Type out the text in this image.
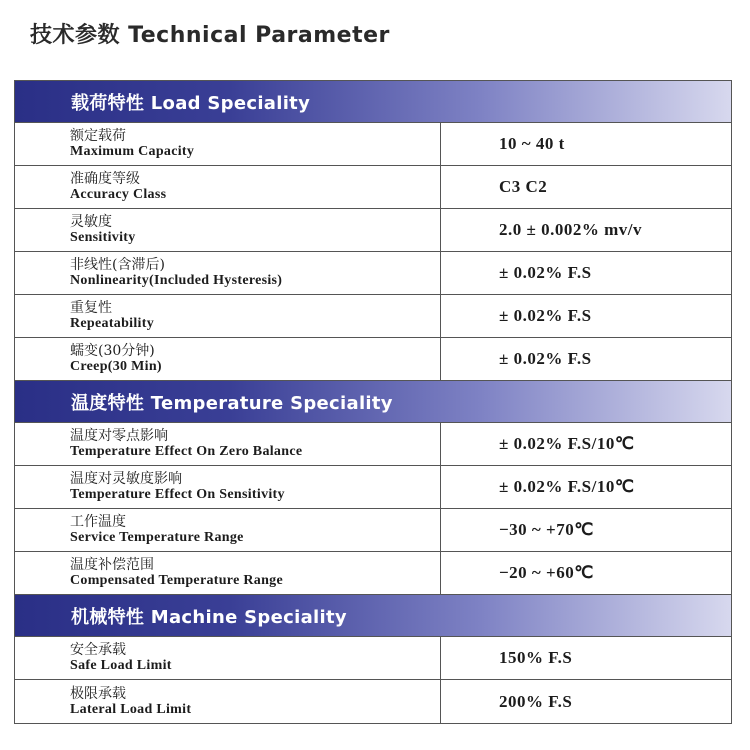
技术参数 Technical Parameter
载荷特性 Load Speciality
额定载荷
Maximum Capacity	10 ~ 40 t
准确度等级
Accuracy Class	C3 C2
灵敏度
Sensitivity	2.0 ± 0.002% mv/v
非线性(含滞后)
Nonlinearity(Included Hysteresis)	± 0.02% F.S
重复性
Repeatability	± 0.02% F.S
蠕变(30分钟)
Creep(30 Min)	± 0.02% F.S
温度特性 Temperature Speciality
温度对零点影响
Temperature Effect On Zero Balance	± 0.02% F.S/10℃
温度对灵敏度影响
Temperature Effect On Sensitivity	± 0.02% F.S/10℃
工作温度
Service Temperature Range	−30 ~ +70℃
温度补偿范围
Compensated Temperature Range	−20 ~ +60℃
机械特性 Machine Speciality
安全承载
Safe Load Limit	150% F.S
极限承载
Lateral Load Limit	200% F.S
